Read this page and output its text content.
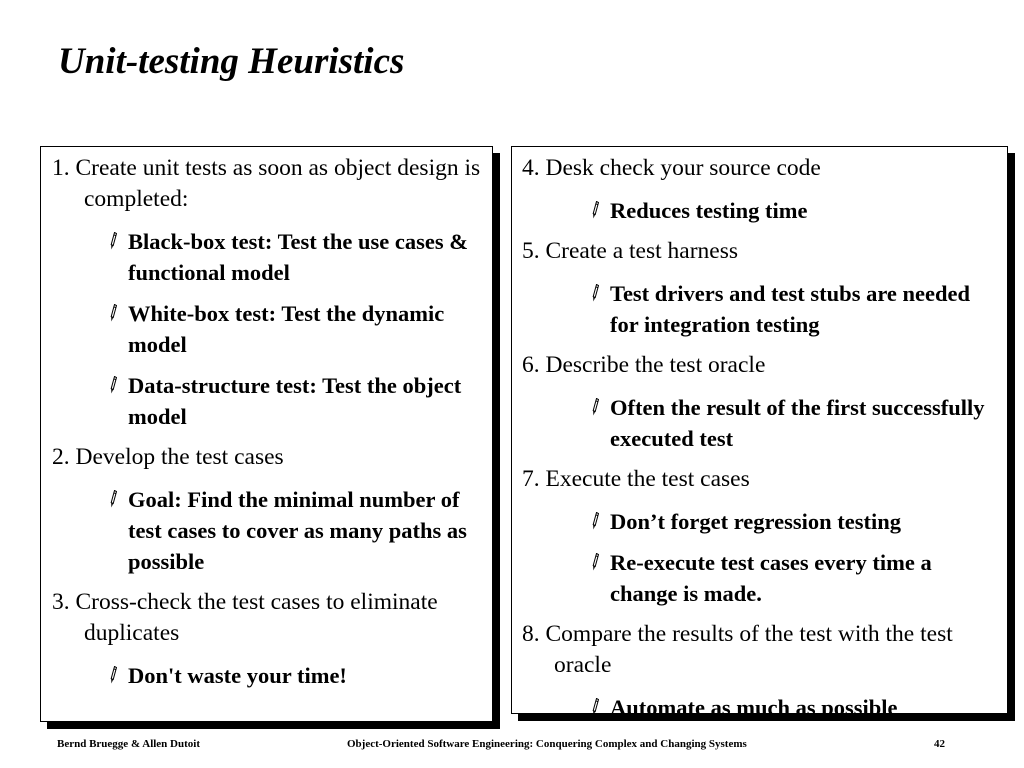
Unit-testing Heuristics

1. Create unit tests as soon as object design is completed:

Black-box test: Test the use cases & functional model

White-box test: Test the dynamic model

Data-structure test: Test the object model

2. Develop the test cases

Goal: Find the minimal number of test cases to cover as many paths as possible

3. Cross-check the test cases to eliminate duplicates

Don't waste your time!

4. Desk check your source code

Reduces testing time

5. Create a test harness

Test drivers and test stubs are needed for integration testing

6. Describe the test oracle

Often the result of the first successfully executed test

7. Execute the test cases

Don’t forget regression testing

Re-execute test cases every time a change is made.

8. Compare the results of the test with the test oracle

Automate as much as possible

Bernd Bruegge & Allen Dutoit	Object-Oriented Software Engineering: Conquering Complex and Changing Systems	42
